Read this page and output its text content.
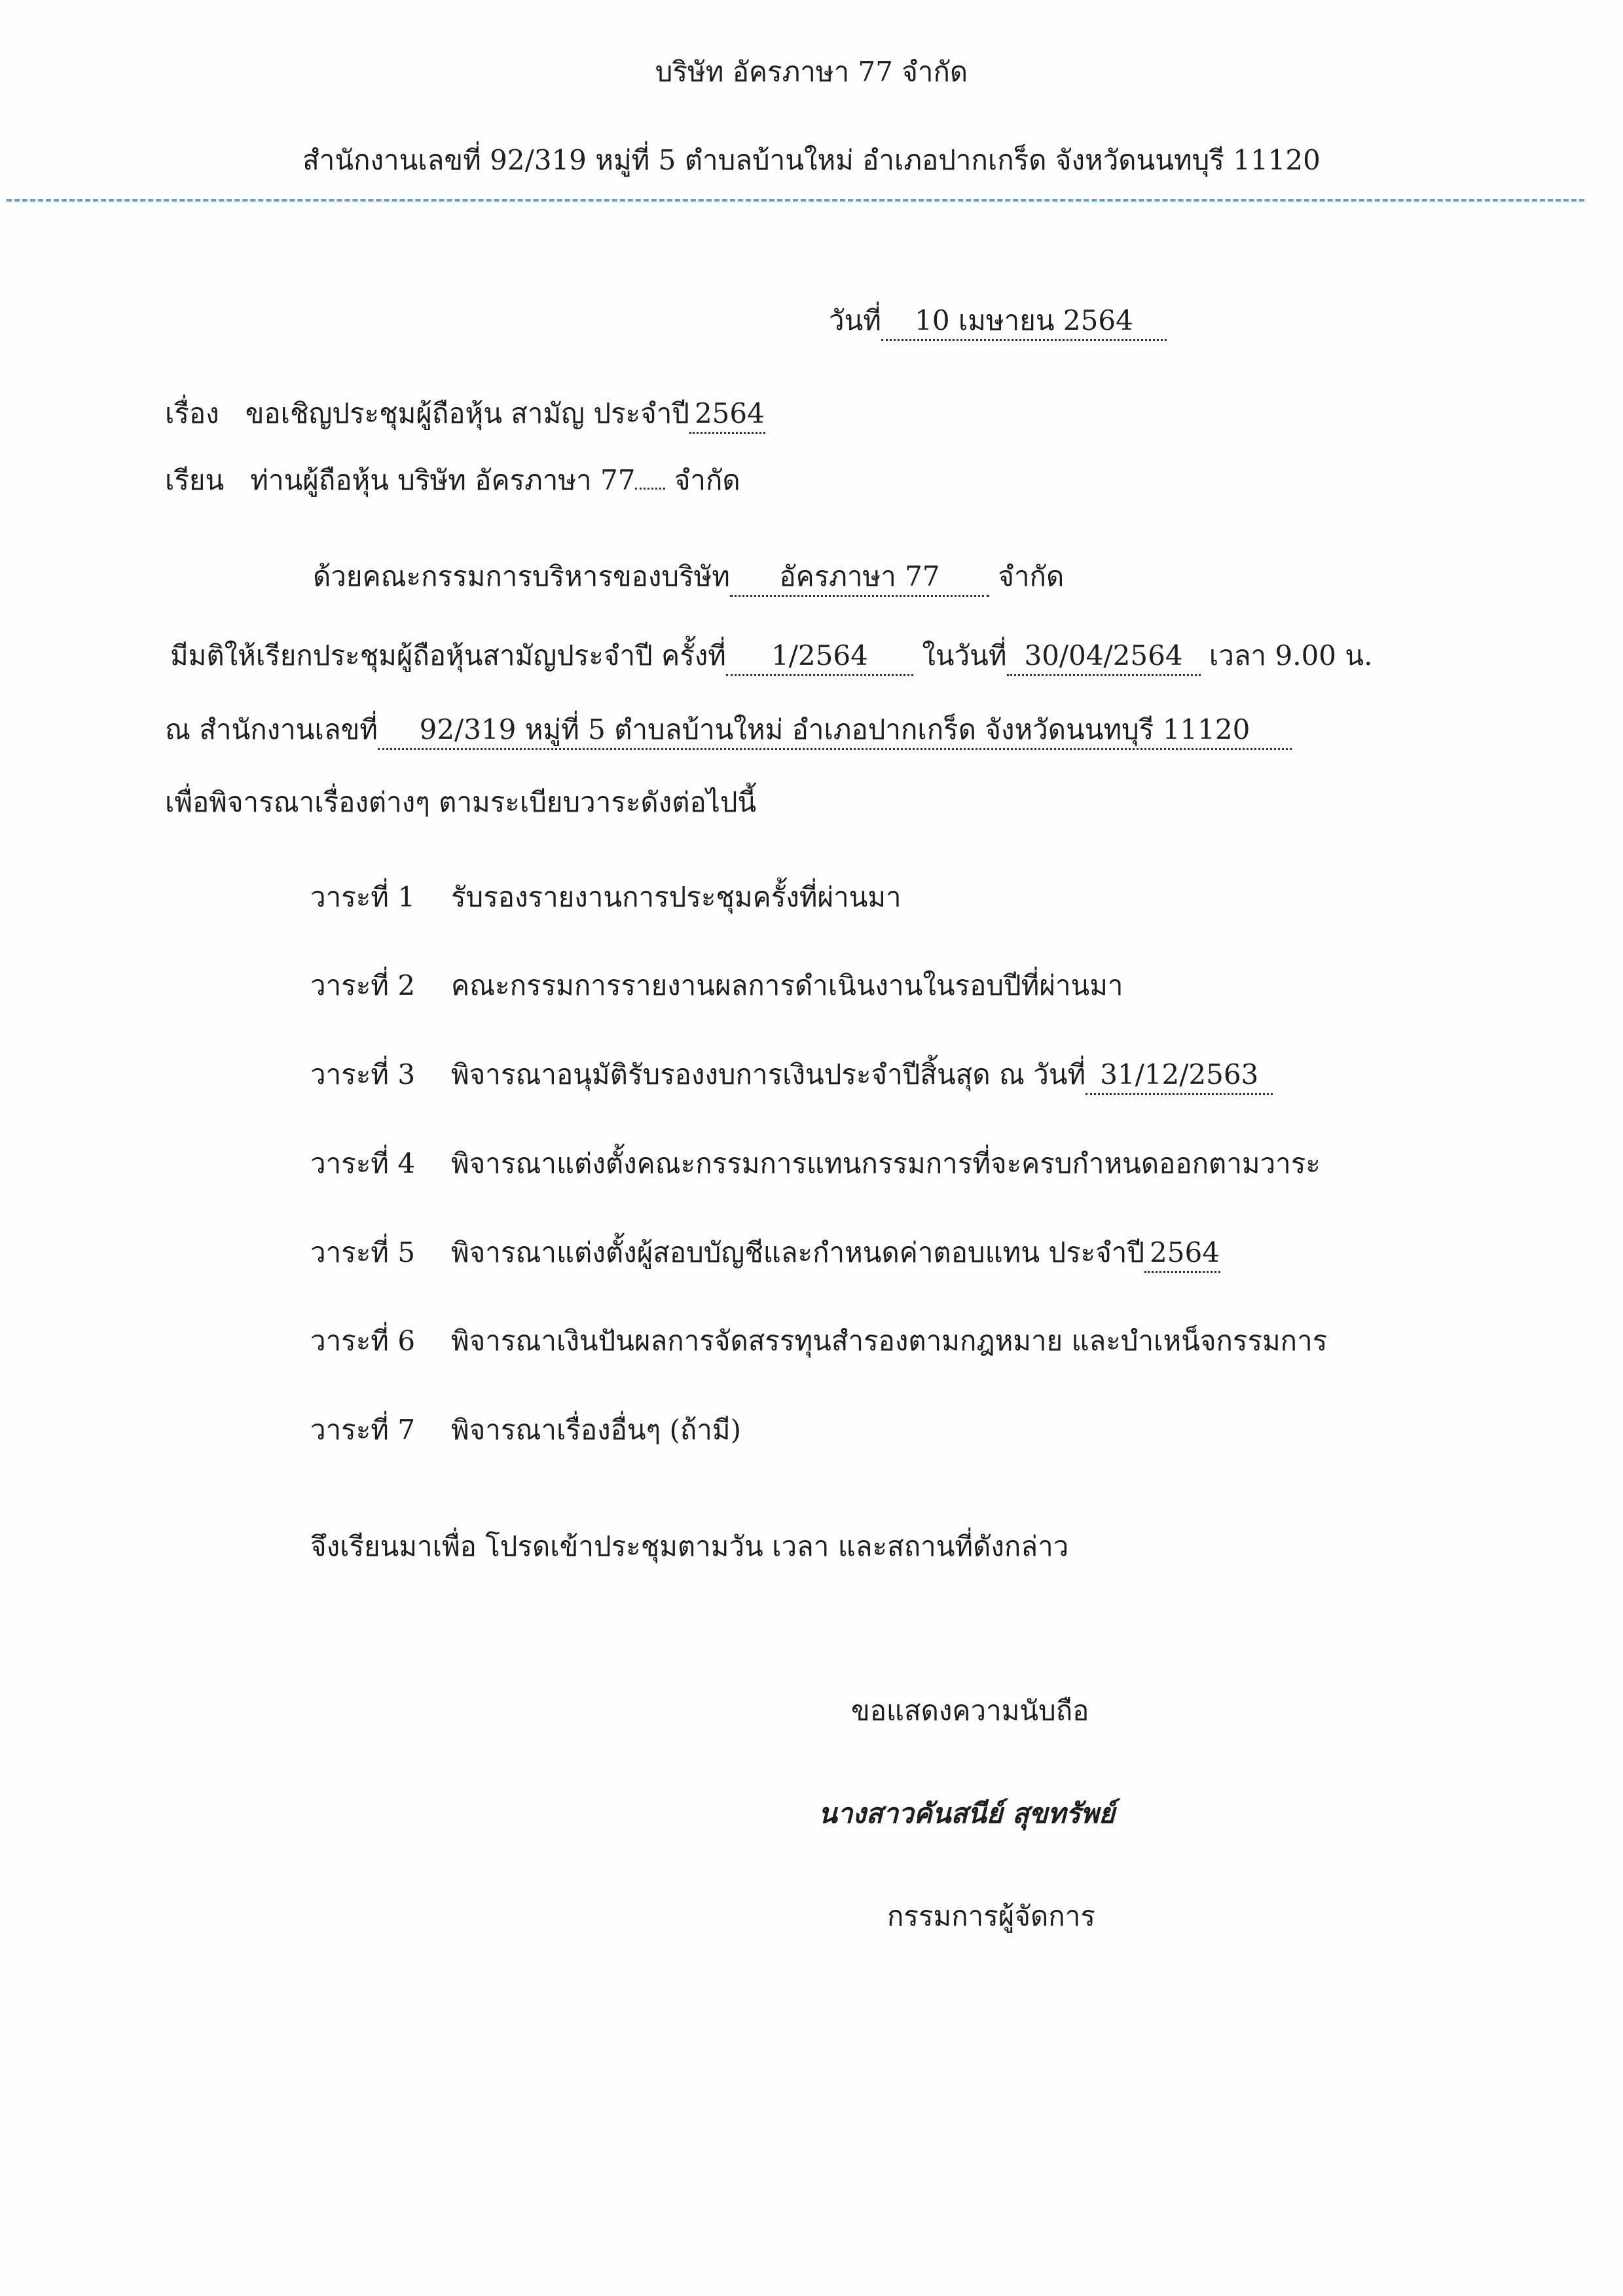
บริษัท อัครภาษา 77 จำกัด
สำนักงานเลขที่ 92/319 หมู่ที่ 5 ตำบลบ้านใหม่ อำเภอปากเกร็ด จังหวัดนนทบุรี 11120
วันที่ 10 เมษายน 2564
เรื่อง ขอเชิญประชุมผู้ถือหุ้น สามัญ ประจำปี 2564
เรียน ท่านผู้ถือหุ้น บริษัท อัครภาษา 77 จำกัด
ด้วยคณะกรรมการบริหารของบริษัท อัครภาษา 77 จำกัด
มีมติให้เรียกประชุมผู้ถือหุ้นสามัญประจำปี ครั้งที่ 1/2564 ในวันที่ 30/04/2564 เวลา 9.00 น.
ณ สำนักงานเลขที่ 92/319 หมู่ที่ 5 ตำบลบ้านใหม่ อำเภอปากเกร็ด จังหวัดนนทบุรี 11120
เพื่อพิจารณาเรื่องต่างๆ ตามระเบียบวาระดังต่อไปนี้
วาระที่ 1 รับรองรายงานการประชุมครั้งที่ผ่านมา
วาระที่ 2 คณะกรรมการรายงานผลการดำเนินงานในรอบปีที่ผ่านมา
วาระที่ 3 พิจารณาอนุมัติรับรองงบการเงินประจำปีสิ้นสุด ณ วันที่ 31/12/2563
วาระที่ 4 พิจารณาแต่งตั้งคณะกรรมการแทนกรรมการที่จะครบกำหนดออกตามวาระ
วาระที่ 5 พิจารณาแต่งตั้งผู้สอบบัญชีและกำหนดค่าตอบแทน ประจำปี 2564
วาระที่ 6 พิจารณาเงินปันผลการจัดสรรทุนสำรองตามกฎหมาย และบำเหน็จกรรมการ
วาระที่ 7 พิจารณาเรื่องอื่นๆ (ถ้ามี)
จึงเรียนมาเพื่อ โปรดเข้าประชุมตามวัน เวลา และสถานที่ดังกล่าว
ขอแสดงความนับถือ
นางสาวคันสนีย์ สุขทรัพย์
กรรมการผู้จัดการ
